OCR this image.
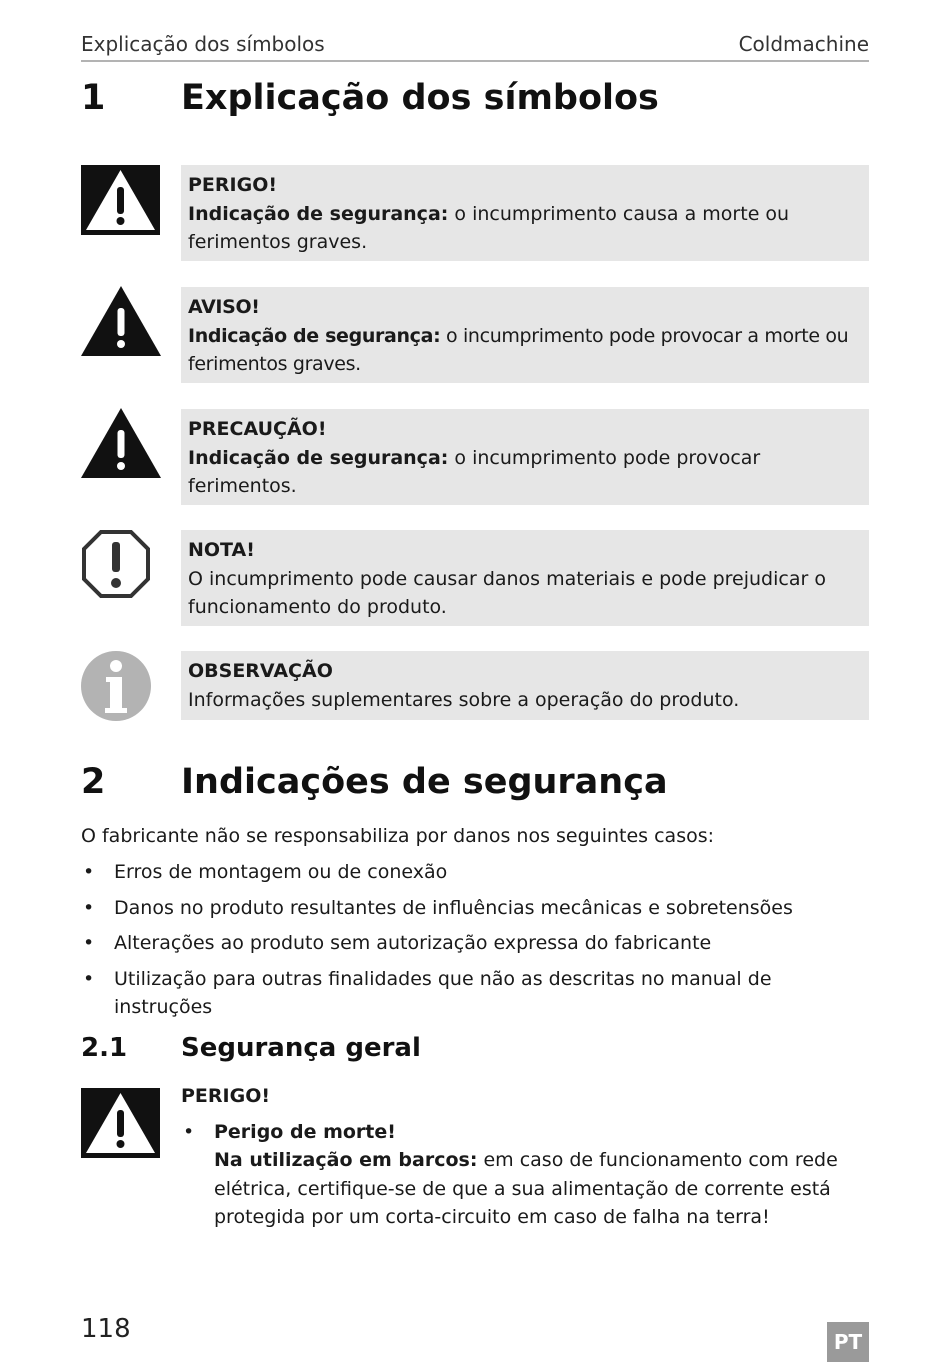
Explicação dos símbolos	Coldmachine
1 Explicação dos símbolos
PERIGO!
Indicação de segurança: o incumprimento causa a morte ou ferimentos graves.
AVISO!
Indicação de segurança: o incumprimento pode provocar a morte ou ferimentos graves.
PRECAUÇÃO!
Indicação de segurança: o incumprimento pode provocar ferimentos.
NOTA!
O incumprimento pode causar danos materiais e pode prejudicar o funcionamento do produto.
OBSERVAÇÃO
Informações suplementares sobre a operação do produto.
2 Indicações de segurança

O fabricante não se responsabiliza por danos nos seguintes casos:

• Erros de montagem ou de conexão
• Danos no produto resultantes de influências mecânicas e sobretensões
• Alterações ao produto sem autorização expressa do fabricante
• Utilização para outras finalidades que não as descritas no manual de instruções
2.1 Segurança geral
PERIGO!
• Perigo de morte!
Na utilização em barcos: em caso de funcionamento com rede elétrica, certifique-se de que a sua alimentação de corrente está protegida por um corta-circuito em caso de falha na terra!
118	PT
